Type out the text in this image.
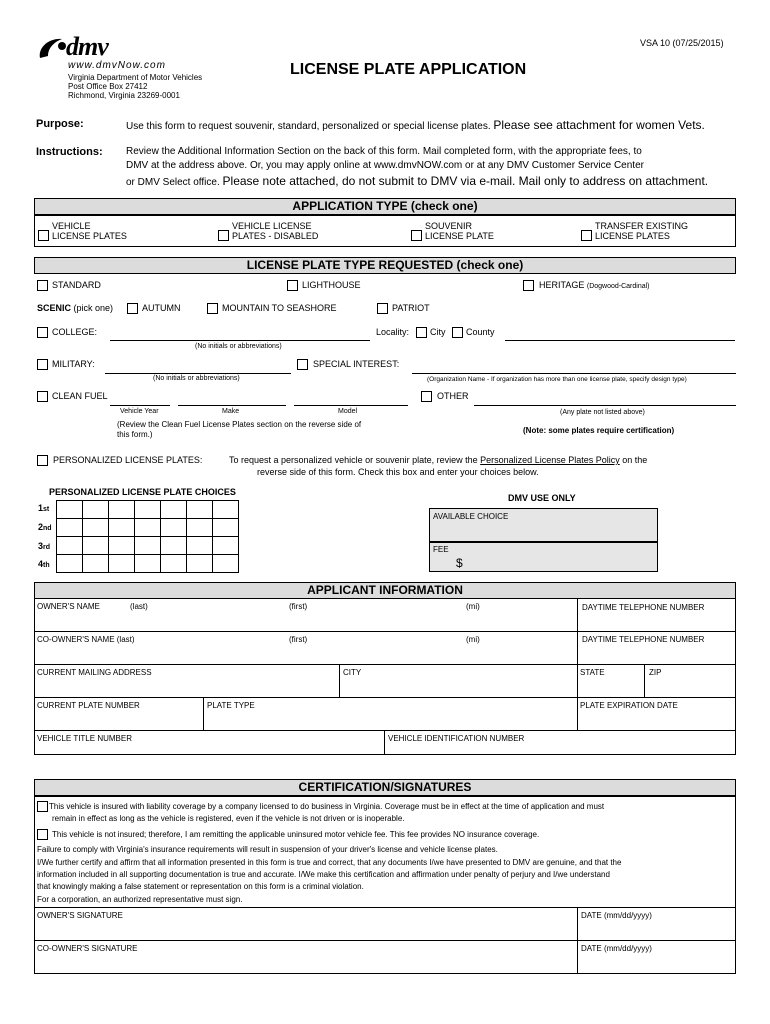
VSA 10 (07/25/2015)
dmv
www.dmvNow.com
Virginia Department of Motor Vehicles
Post Office Box 27412
Richmond, Virginia 23269-0001
LICENSE PLATE APPLICATION
Purpose:	Use this form to request souvenir, standard, personalized or special license plates. Please see attachment for women Vets.
Instructions: Review the Additional Information Section on the back of this form. Mail completed form, with the appropriate fees, to
DMV at the address above. Or, you may apply online at www.dmvNOW.com or at any DMV Customer Service Center
or DMV Select office. Please note attached, do not submit to DMV via e-mail. Mail only to address on attachment.
APPLICATION TYPE (check one)
VEHICLE
LICENSE PLATES
VEHICLE LICENSE
PLATES - DISABLED
SOUVENIR
LICENSE PLATE
TRANSFER EXISTING
LICENSE PLATES
LICENSE PLATE TYPE REQUESTED (check one)
STANDARD	LIGHTHOUSE	HERITAGE (Dogwood-Cardinal)
SCENIC (pick one)	AUTUMN	MOUNTAIN TO SEASHORE	PATRIOT
COLLEGE:
(No initials or abbreviations)
Locality: City County
MILITARY:
(No initials or abbreviations)
SPECIAL INTEREST:
(Organization Name - If organization has more than one license plate, specify design type)
CLEAN FUEL	OTHER
Vehicle Year	Make	Model	(Any plate not listed above)
(Review the Clean Fuel License Plates section on the reverse side of
this form.)	(Note: some plates require certification)
PERSONALIZED LICENSE PLATES:	To request a personalized vehicle or souvenir plate, review the Personalized License Plates Policy on the
reverse side of this form. Check this box and enter your choices below.
PERSONALIZED LICENSE PLATE CHOICES
1st
2nd
3rd
4th
DMV USE ONLY
AVAILABLE CHOICE
FEE
$
APPLICANT INFORMATION
OWNER'S NAME	(last)	(first)	(mi)	DAYTIME TELEPHONE NUMBER
CO-OWNER'S NAME (last)	(first)	(mi)	DAYTIME TELEPHONE NUMBER
CURRENT MAILING ADDRESS	CITY	STATE	ZIP
CURRENT PLATE NUMBER	PLATE TYPE	PLATE EXPIRATION DATE
VEHICLE TITLE NUMBER	VEHICLE IDENTIFICATION NUMBER
CERTIFICATION/SIGNATURES
This vehicle is insured with liability coverage by a company licensed to do business in Virginia. Coverage must be in effect at the time of application and must
remain in effect as long as the vehicle is registered, even if the vehicle is not driven or is inoperable.
This vehicle is not insured; therefore, I am remitting the applicable uninsured motor vehicle fee. This fee provides NO insurance coverage.
Failure to comply with Virginia's insurance requirements will result in suspension of your driver's license and vehicle license plates.
I/We further certify and affirm that all information presented in this form is true and correct, that any documents I/we have presented to DMV are genuine, and that the
information included in all supporting documentation is true and accurate. I/We make this certification and affirmation under penalty of perjury and I/we understand
that knowingly making a false statement or representation on this form is a criminal violation.
For a corporation, an authorized representative must sign.
OWNER'S SIGNATURE	DATE (mm/dd/yyyy)
CO-OWNER'S SIGNATURE	DATE (mm/dd/yyyy)
